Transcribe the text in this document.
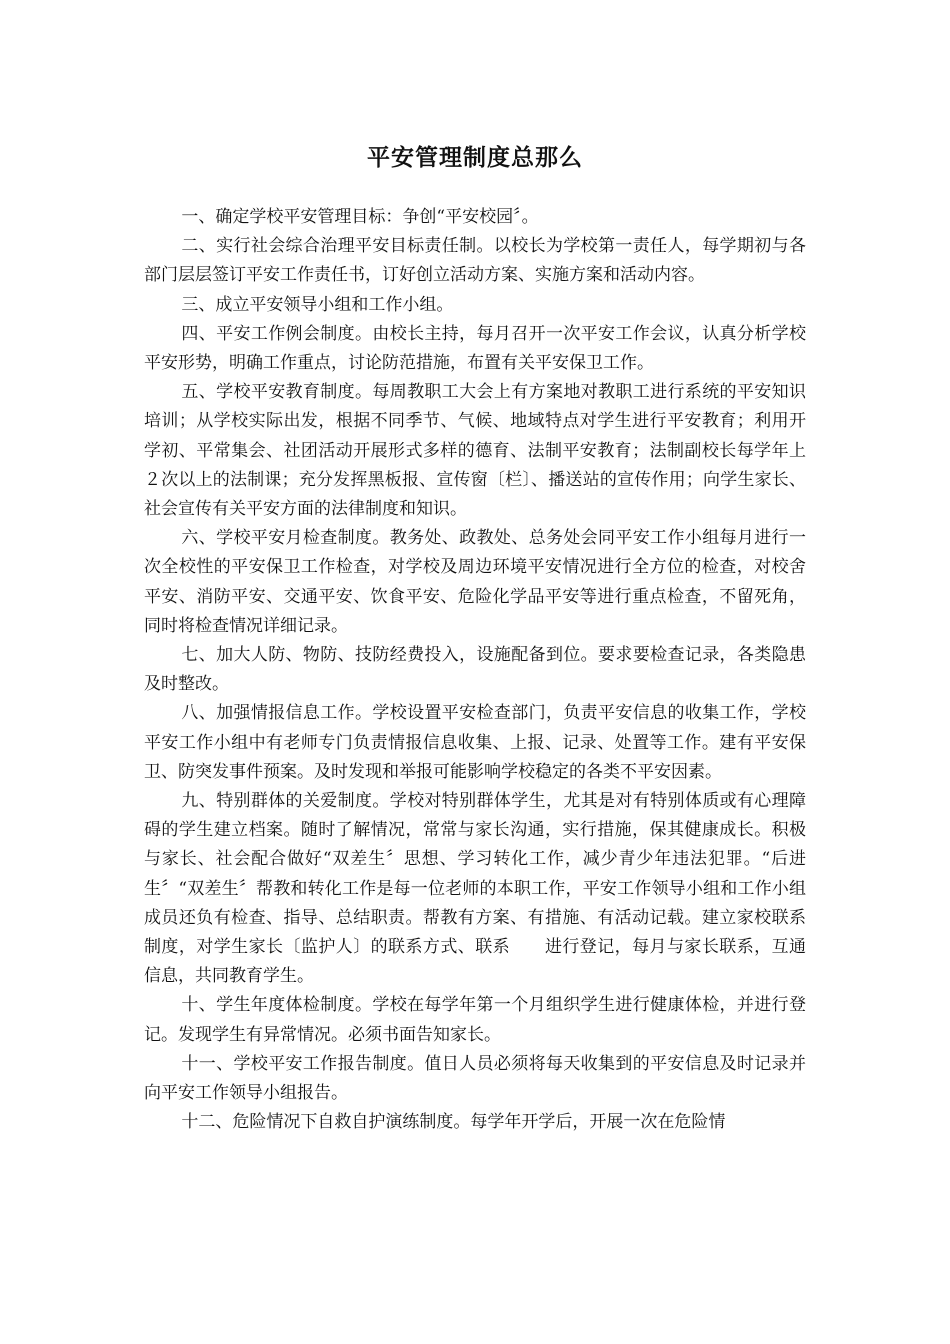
平安管理制度总那么

一、确定学校平安管理目标：争创“平安校园〞。

二、实行社会综合治理平安目标责任制。以校长为学校第一责任人，每学期初与各部门层层签订平安工作责任书，订好创立活动方案、实施方案和活动内容。

三、成立平安领导小组和工作小组。

四、平安工作例会制度。由校长主持，每月召开一次平安工作会议，认真分析学校平安形势，明确工作重点，讨论防范措施，布置有关平安保卫工作。

五、学校平安教育制度。每周教职工大会上有方案地对教职工进行系统的平安知识培训；从学校实际出发，根据不同季节、气候、地域特点对学生进行平安教育；利用开学初、平常集会、社团活动开展形式多样的德育、法制平安教育；法制副校长每学年上２次以上的法制课；充分发挥黑板报、宣传窗〔栏〕、播送站的宣传作用；向学生家长、社会宣传有关平安方面的法律制度和知识。

六、学校平安月检查制度。教务处、政教处、总务处会同平安工作小组每月进行一次全校性的平安保卫工作检查，对学校及周边环境平安情况进行全方位的检查，对校舍平安、消防平安、交通平安、饮食平安、危险化学品平安等进行重点检查，不留死角，同时将检查情况详细记录。

七、加大人防、物防、技防经费投入，设施配备到位。要求要检查记录，各类隐患及时整改。

八、加强情报信息工作。学校设置平安检查部门，负责平安信息的收集工作，学校平安工作小组中有老师专门负责情报信息收集、上报、记录、处置等工作。建有平安保卫、防突发事件预案。及时发现和举报可能影响学校稳定的各类不平安因素。

九、特别群体的关爱制度。学校对特别群体学生，尤其是对有特别体质或有心理障碍的学生建立档案。随时了解情况，常常与家长沟通，实行措施，保其健康成长。积极与家长、社会配合做好“双差生〞思想、学习转化工作，减少青少年违法犯罪。“后进生〞“双差生〞帮教和转化工作是每一位老师的本职工作，平安工作领导小组和工作小组成员还负有检查、指导、总结职责。帮教有方案、有措施、有活动记载。建立家校联系制度，对学生家长〔监护人〕的联系方式、联系　　进行登记，每月与家长联系，互通信息，共同教育学生。

十、学生年度体检制度。学校在每学年第一个月组织学生进行健康体检，并进行登记。发现学生有异常情况。必须书面告知家长。

十一、学校平安工作报告制度。值日人员必须将每天收集到的平安信息及时记录并向平安工作领导小组报告。

十二、危险情况下自救自护演练制度。每学年开学后，开展一次在危险情
